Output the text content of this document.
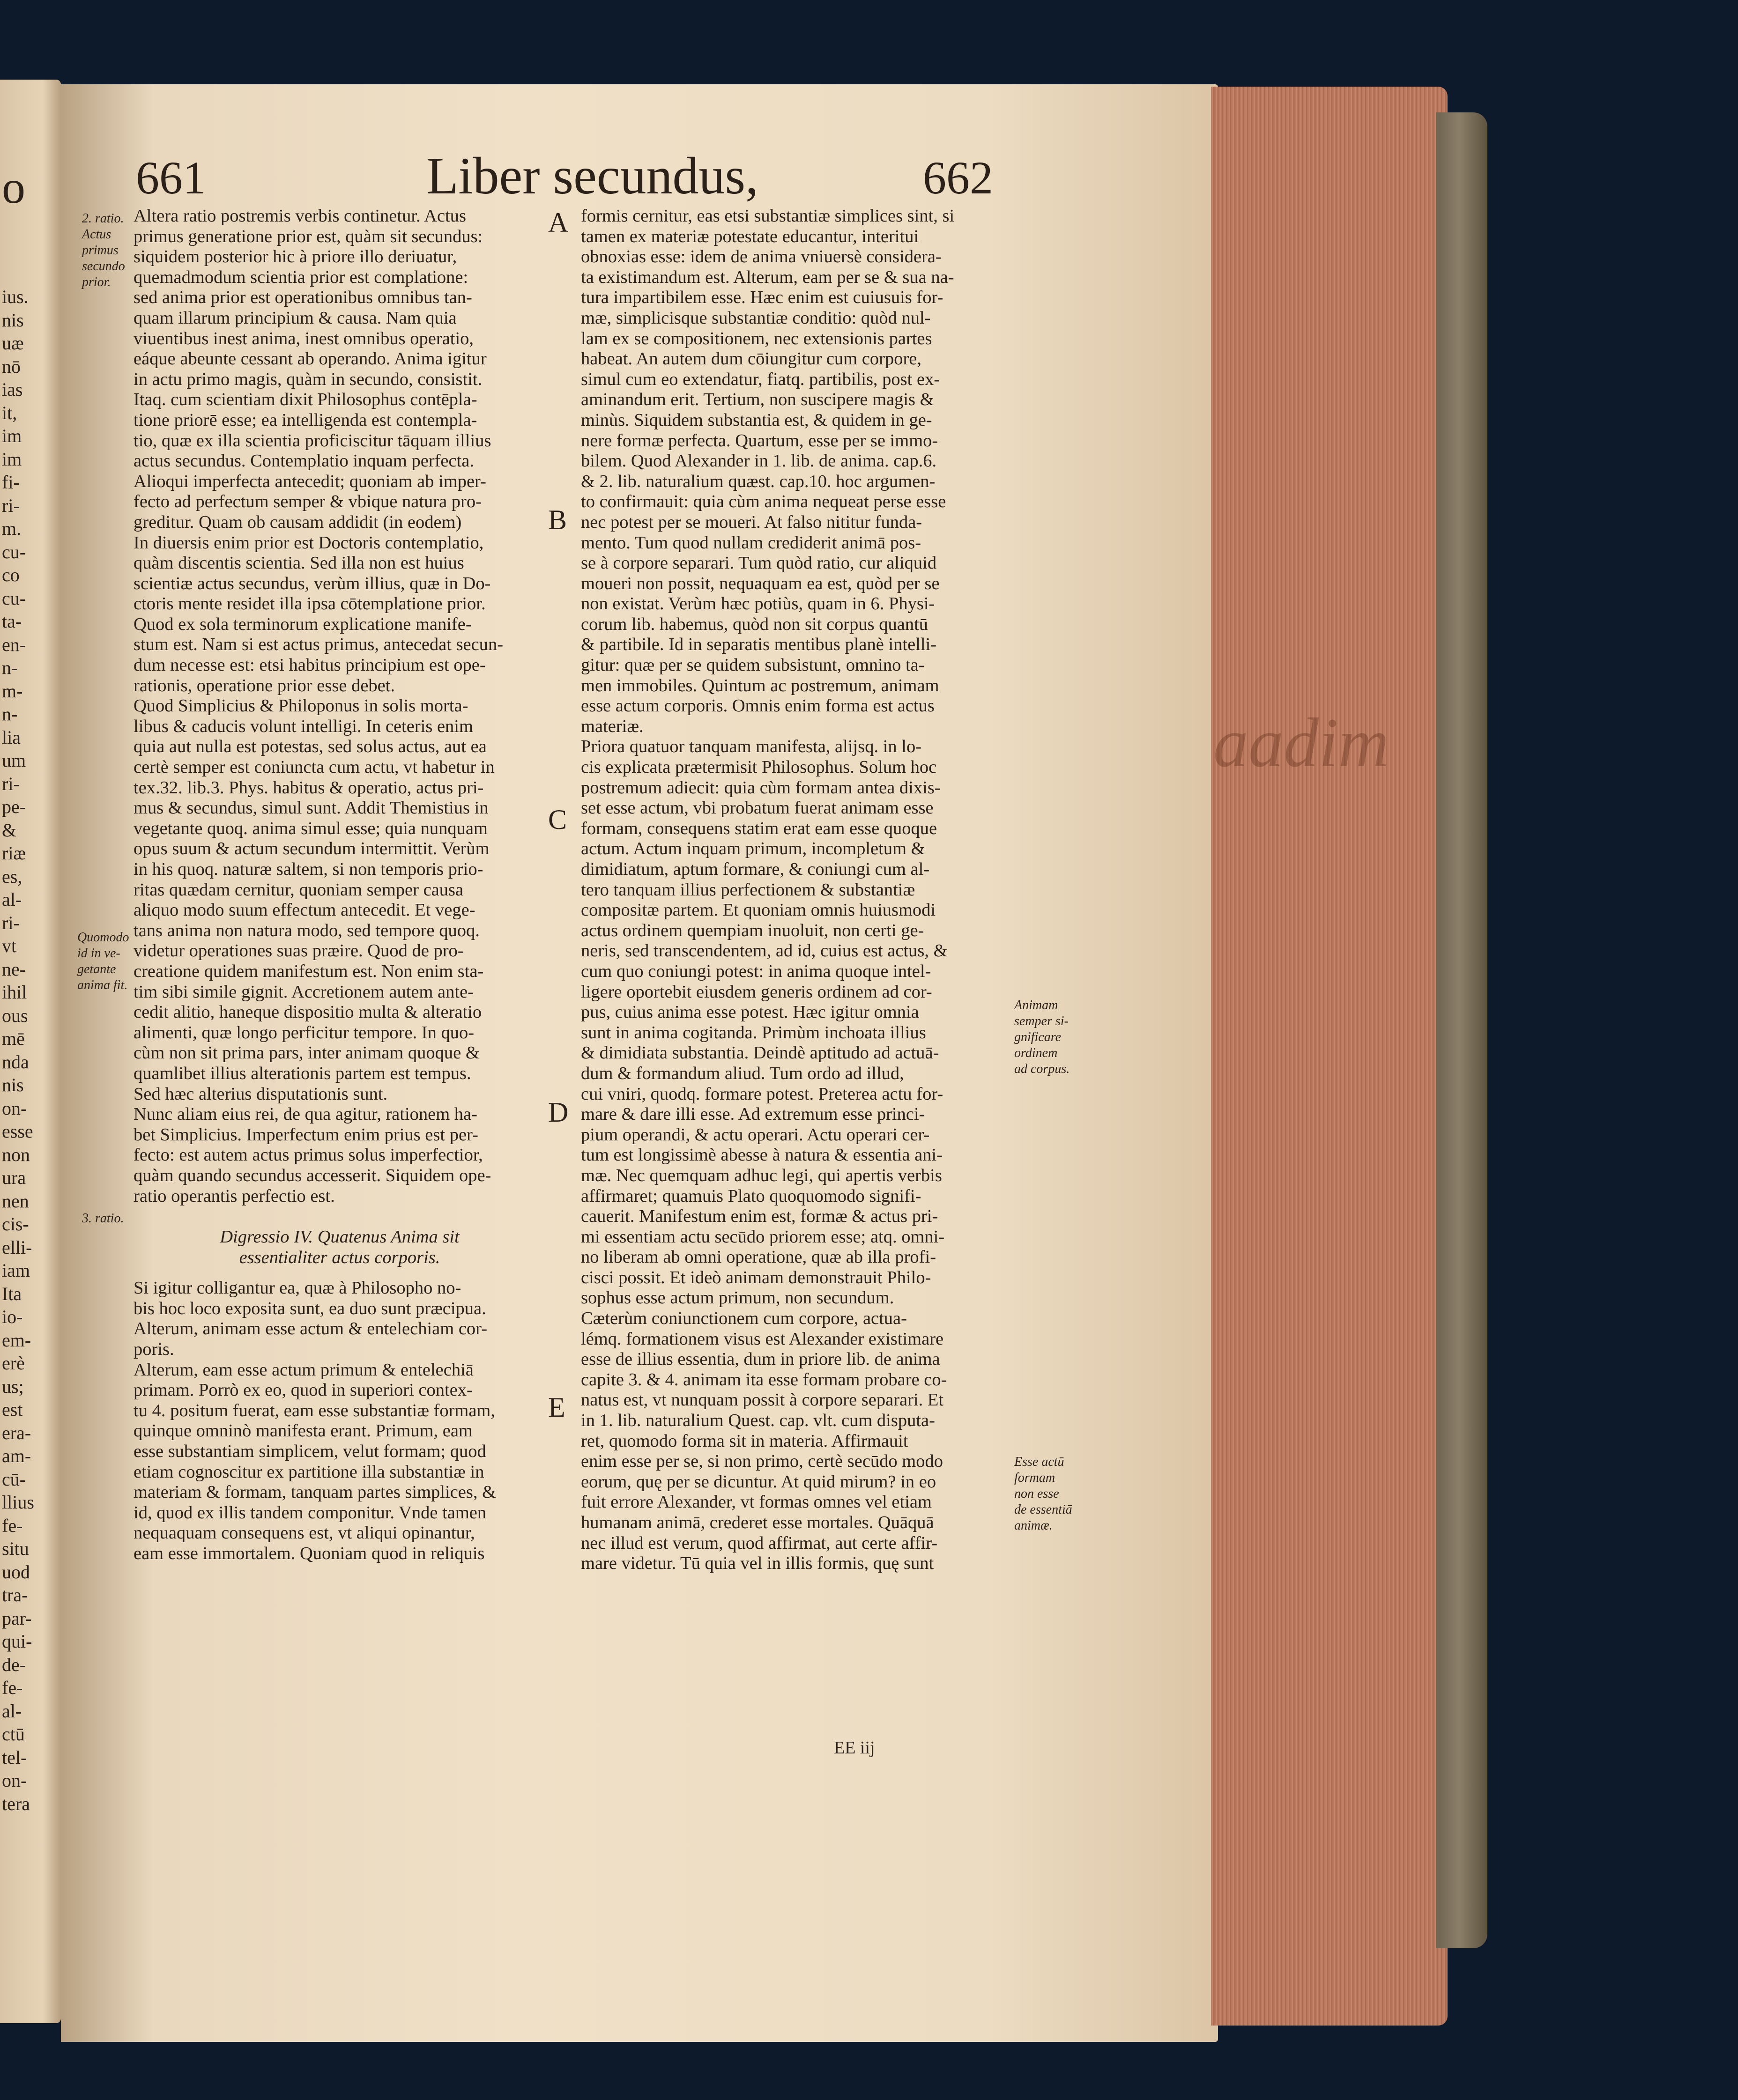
o
ius.
nis
uæ
nō
ias
it,
im
im
fi-
ri-
m.
cu-
co
cu-
ta-
en-
n-
m-
n-
lia
um
ri-
pe-
&
riæ
es,
al-
ri-
vt
ne-
ihil
ous
mē
nda
nis
on-
esse
non
ura
nen
cis-
elli-
iam
Ita
io-
em-
erè
us;
est
era-
am-
cū-
llius
fe-
situ
uod
tra-
par-
qui-
de-
fe-
al-
ctū
tel-
on-
tera
aadim
661	Liber secundus,	662
Altera ratio postremis verbis continetur. Actus
primus generatione prior est, quàm sit secundus:
siquidem posterior hic à priore illo deriuatur,
quemadmodum scientia prior est complatione:
sed anima prior est operationibus omnibus tan-
quam illarum principium & causa. Nam quia
viuentibus inest anima, inest omnibus operatio,
eáque abeunte cessant ab operando. Anima igitur
in actu primo magis, quàm in secundo, consistit.
Itaq. cum scientiam dixit Philosophus contēpla-
tione priorē esse; ea intelligenda est contempla-
tio, quæ ex illa scientia proficiscitur tāquam illius
actus secundus. Contemplatio inquam perfecta.
Alioqui imperfecta antecedit; quoniam ab imper-
fecto ad perfectum semper & vbique natura pro-
greditur. Quam ob causam addidit (in eodem)
In diuersis enim prior est Doctoris contemplatio,
quàm discentis scientia. Sed illa non est huius
scientiæ actus secundus, verùm illius, quæ in Do-
ctoris mente residet illa ipsa cōtemplatione prior.
Quod ex sola terminorum explicatione manife-
stum est. Nam si est actus primus, antecedat secun-
dum necesse est: etsi habitus principium est ope-
rationis, operatione prior esse debet.
Quod Simplicius & Philoponus in solis morta-
libus & caducis volunt intelligi. In ceteris enim
quia aut nulla est potestas, sed solus actus, aut ea
certè semper est coniuncta cum actu, vt habetur in
tex.32. lib.3. Phys. habitus & operatio, actus pri-
mus & secundus, simul sunt. Addit Themistius in
vegetante quoq. anima simul esse; quia nunquam
opus suum & actum secundum intermittit. Verùm
in his quoq. naturæ saltem, si non temporis prio-
ritas quædam cernitur, quoniam semper causa
aliquo modo suum effectum antecedit. Et vege-
tans anima non natura modo, sed tempore quoq.
videtur operationes suas præire. Quod de pro-
creatione quidem manifestum est. Non enim sta-
tim sibi simile gignit. Accretionem autem ante-
cedit alitio, haneque dispositio multa & alteratio
alimenti, quæ longo perficitur tempore. In quo-
cùm non sit prima pars, inter animam quoque &
quamlibet illius alterationis partem est tempus.
Sed hæc alterius disputationis sunt.
Nunc aliam eius rei, de qua agitur, rationem ha-
bet Simplicius. Imperfectum enim prius est per-
fecto: est autem actus primus solus imperfectior,
quàm quando secundus accesserit. Siquidem ope-
ratio operantis perfectio est.
Digressio IV. Quatenus Anima sit
essentialiter actus corporis.
Si igitur colligantur ea, quæ à Philosopho no-
bis hoc loco exposita sunt, ea duo sunt præcipua.
Alterum, animam esse actum & entelechiam cor-
poris.
Alterum, eam esse actum primum & entelechiā
primam. Porrò ex eo, quod in superiori contex-
tu 4. positum fuerat, eam esse substantiæ formam,
quinque omninò manifesta erant. Primum, eam
esse substantiam simplicem, velut formam; quod
etiam cognoscitur ex partitione illa substantiæ in
materiam & formam, tanquam partes simplices, &
id, quod ex illis tandem componitur. Vnde tamen
nequaquam consequens est, vt aliqui opinantur,
eam esse immortalem. Quoniam quod in reliquis
formis cernitur, eas etsi substantiæ simplices sint, si
tamen ex materiæ potestate educantur, interitui
obnoxias esse: idem de anima vniuersè considera-
ta existimandum est. Alterum, eam per se & sua na-
tura impartibilem esse. Hæc enim est cuiusuis for-
mæ, simplicisque substantiæ conditio: quòd nul-
lam ex se compositionem, nec extensionis partes
habeat. An autem dum cōiungitur cum corpore,
simul cum eo extendatur, fiatq. partibilis, post ex-
aminandum erit. Tertium, non suscipere magis &
minùs. Siquidem substantia est, & quidem in ge-
nere formæ perfecta. Quartum, esse per se immo-
bilem. Quod Alexander in 1. lib. de anima. cap.6.
& 2. lib. naturalium quæst. cap.10. hoc argumen-
to confirmauit: quia cùm anima nequeat perse esse
nec potest per se moueri. At falso nititur funda-
mento. Tum quod nullam crediderit animā pos-
se à corpore separari. Tum quòd ratio, cur aliquid
moueri non possit, nequaquam ea est, quòd per se
non existat. Verùm hæc potiùs, quam in 6. Physi-
corum lib. habemus, quòd non sit corpus quantū
& partibile. Id in separatis mentibus planè intelli-
gitur: quæ per se quidem subsistunt, omnino ta-
men immobiles. Quintum ac postremum, animam
esse actum corporis. Omnis enim forma est actus
materiæ.
Priora quatuor tanquam manifesta, alijsq. in lo-
cis explicata prætermisit Philosophus. Solum hoc
postremum adiecit: quia cùm formam antea dixis-
set esse actum, vbi probatum fuerat animam esse
formam, consequens statim erat eam esse quoque
actum. Actum inquam primum, incompletum &
dimidiatum, aptum formare, & coniungi cum al-
tero tanquam illius perfectionem & substantiæ
compositæ partem. Et quoniam omnis huiusmodi
actus ordinem quempiam inuoluit, non certi ge-
neris, sed transcendentem, ad id, cuius est actus, &
cum quo coniungi potest: in anima quoque intel-
ligere oportebit eiusdem generis ordinem ad cor-
pus, cuius anima esse potest. Hæc igitur omnia
sunt in anima cogitanda. Primùm inchoata illius
& dimidiata substantia. Deindè aptitudo ad actuā-
dum & formandum aliud. Tum ordo ad illud,
cui vniri, quodq. formare potest. Preterea actu for-
mare & dare illi esse. Ad extremum esse princi-
pium operandi, & actu operari. Actu operari cer-
tum est longissimè abesse à natura & essentia ani-
mæ. Nec quemquam adhuc legi, qui apertis verbis
affirmaret; quamuis Plato quoquomodo signifi-
cauerit. Manifestum enim est, formæ & actus pri-
mi essentiam actu secūdo priorem esse; atq. omni-
no liberam ab omni operatione, quæ ab illa profi-
cisci possit. Et ideò animam demonstrauit Philo-
sophus esse actum primum, non secundum.
Cæterùm coniunctionem cum corpore, actua-
lémq. formationem visus est Alexander existimare
esse de illius essentia, dum in priore lib. de anima
capite 3. & 4. animam ita esse formam probare co-
natus est, vt nunquam possit à corpore separari. Et
in 1. lib. naturalium Quest. cap. vlt. cum disputa-
ret, quomodo forma sit in materia. Affirmauit
enim esse per se, si non primo, certè secūdo modo
eorum, quę per se dicuntur. At quid mirum? in eo
fuit errore Alexander, vt formas omnes vel etiam
humanam animā, crederet esse mortales. Quāquā
nec illud est verum, quod affirmat, aut certe affir-
mare videtur. Tū quia vel in illis formis, quę sunt
2. ratio.
Actus
primus
secundo
prior.
Quomodo
id in ve-
getante
anima fit.
3. ratio.
Animam
semper si-
gnificare
ordinem
ad corpus.
Esse actū
formam
non esse
de essentiā
animæ.
A
B
C
D
E
EE iij
